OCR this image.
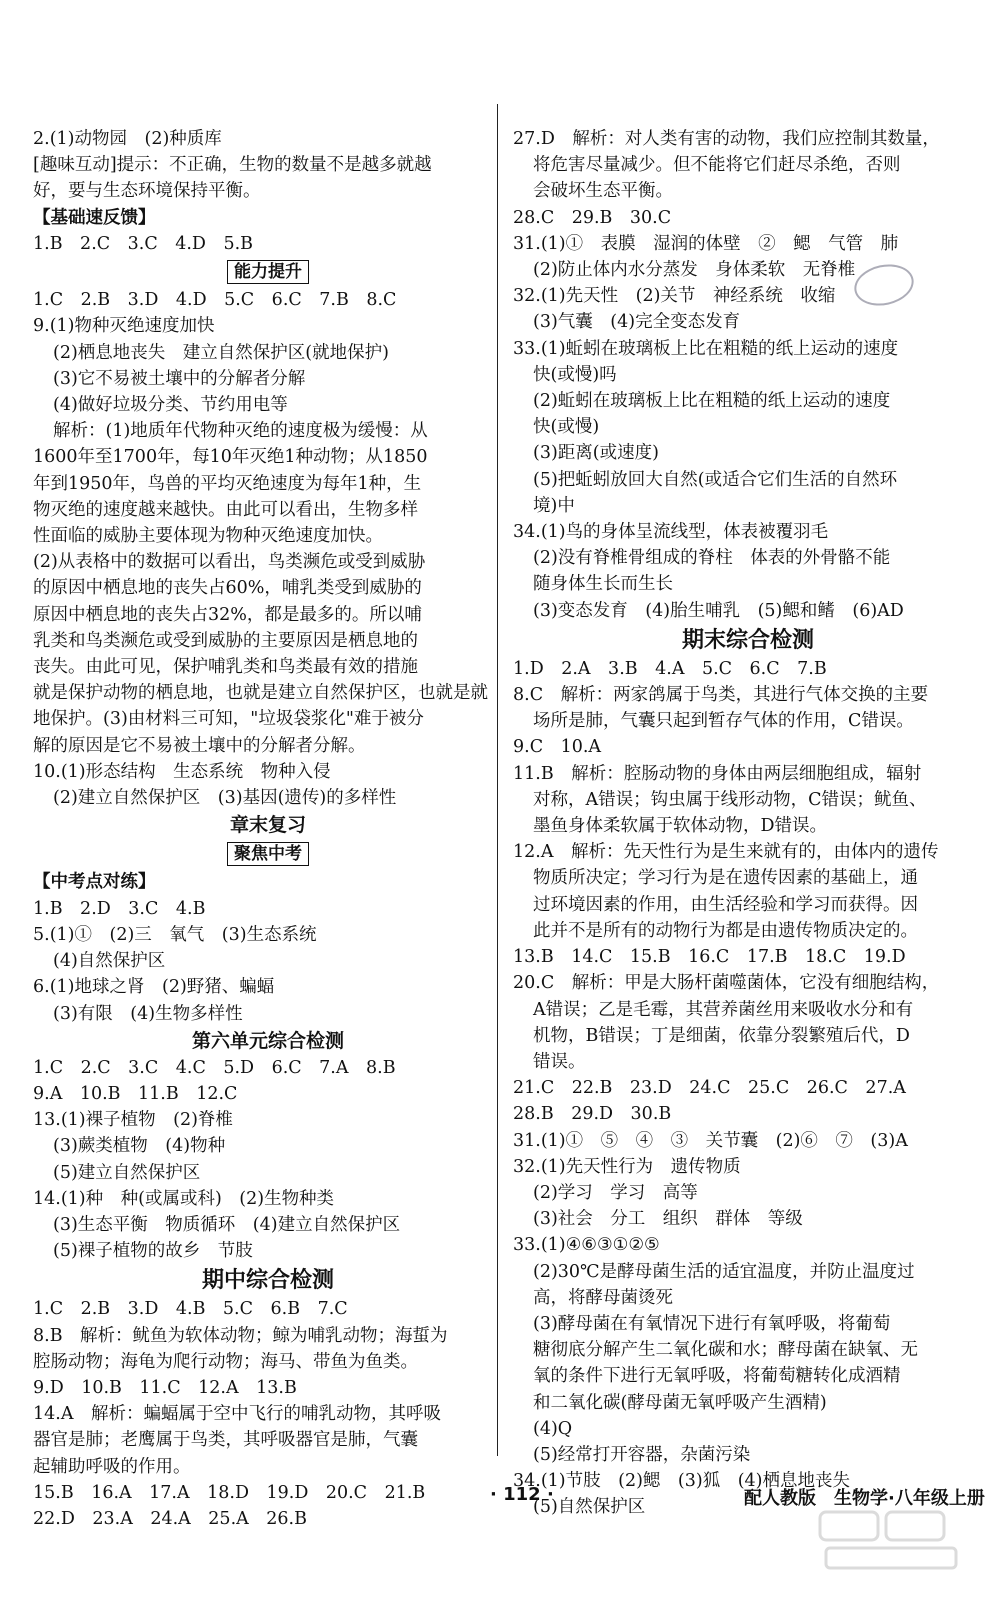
2.(1)动物园　(2)种质库
[趣味互动]提示：不正确，生物的数量不是越多就越
好，要与生态环境保持平衡。
【基础速反馈】
1.B　2.C　3.C　4.D　5.B
能力提升
1.C　2.B　3.D　4.D　5.C　6.C　7.B　8.C
9.(1)物种灭绝速度加快
(2)栖息地丧失　建立自然保护区(就地保护)
(3)它不易被土壤中的分解者分解
(4)做好垃圾分类、节约用电等
解析：(1)地质年代物种灭绝的速度极为缓慢：从
1600年至1700年，每10年灭绝1种动物；从1850
年到1950年，鸟兽的平均灭绝速度为每年1种，生
物灭绝的速度越来越快。由此可以看出，生物多样
性面临的威胁主要体现为物种灭绝速度加快。
(2)从表格中的数据可以看出，鸟类濒危或受到威胁
的原因中栖息地的丧失占60%，哺乳类受到威胁的
原因中栖息地的丧失占32%，都是最多的。所以哺
乳类和鸟类濒危或受到威胁的主要原因是栖息地的
丧失。由此可见，保护哺乳类和鸟类最有效的措施
就是保护动物的栖息地，也就是建立自然保护区，也就是就
地保护。(3)由材料三可知，"垃圾袋浆化"难于被分
解的原因是它不易被土壤中的分解者分解。
10.(1)形态结构　生态系统　物种入侵
(2)建立自然保护区　(3)基因(遗传)的多样性
章末复习
聚焦中考
【中考点对练】
1.B　2.D　3.C　4.B
5.(1)①　(2)三　氧气　(3)生态系统
(4)自然保护区
6.(1)地球之肾　(2)野猪、蝙蝠
(3)有限　(4)生物多样性
第六单元综合检测
1.C　2.C　3.C　4.C　5.D　6.C　7.A　8.B
9.A　10.B　11.B　12.C
13.(1)裸子植物　(2)脊椎
(3)蕨类植物　(4)物种
(5)建立自然保护区
14.(1)种　种(或属或科)　(2)生物种类
(3)生态平衡　物质循环　(4)建立自然保护区
(5)裸子植物的故乡　节肢
期中综合检测
1.C　2.B　3.D　4.B　5.C　6.B　7.C
8.B　解析：鱿鱼为软体动物；鲸为哺乳动物；海蜇为
腔肠动物；海龟为爬行动物；海马、带鱼为鱼类。
9.D　10.B　11.C　12.A　13.B
14.A　解析：蝙蝠属于空中飞行的哺乳动物，其呼吸
器官是肺；老鹰属于鸟类，其呼吸器官是肺，气囊
起辅助呼吸的作用。
15.B　16.A　17.A　18.D　19.D　20.C　21.B
22.D　23.A　24.A　25.A　26.B
27.D　解析：对人类有害的动物，我们应控制其数量，
将危害尽量减少。但不能将它们赶尽杀绝，否则
会破坏生态平衡。
28.C　29.B　30.C
31.(1)①　表膜　湿润的体壁　②　鳃　气管　肺
(2)防止体内水分蒸发　身体柔软　无脊椎
32.(1)先天性　(2)关节　神经系统　收缩
(3)气囊　(4)完全变态发育
33.(1)蚯蚓在玻璃板上比在粗糙的纸上运动的速度
快(或慢)吗
(2)蚯蚓在玻璃板上比在粗糙的纸上运动的速度
快(或慢)
(3)距离(或速度)
(5)把蚯蚓放回大自然(或适合它们生活的自然环
境)中
34.(1)鸟的身体呈流线型，体表被覆羽毛
(2)没有脊椎骨组成的脊柱　体表的外骨骼不能
随身体生长而生长
(3)变态发育　(4)胎生哺乳　(5)鳃和鳍　(6)AD
期末综合检测
1.D　2.A　3.B　4.A　5.C　6.C　7.B
8.C　解析：两家鸽属于鸟类，其进行气体交换的主要
场所是肺，气囊只起到暂存气体的作用，C错误。
9.C　10.A
11.B　解析：腔肠动物的身体由两层细胞组成，辐射
对称，A错误；钩虫属于线形动物，C错误；鱿鱼、
墨鱼身体柔软属于软体动物，D错误。
12.A　解析：先天性行为是生来就有的，由体内的遗传
物质所决定；学习行为是在遗传因素的基础上，通
过环境因素的作用，由生活经验和学习而获得。因
此并不是所有的动物行为都是由遗传物质决定的。
13.B　14.C　15.B　16.C　17.B　18.C　19.D
20.C　解析：甲是大肠杆菌噬菌体，它没有细胞结构，
A错误；乙是毛霉，其营养菌丝用来吸收水分和有
机物，B错误；丁是细菌，依靠分裂繁殖后代，D
错误。
21.C　22.B　23.D　24.C　25.C　26.C　27.A
28.B　29.D　30.B
31.(1)①　⑤　④　③　关节囊　(2)⑥　⑦　(3)A
32.(1)先天性行为　遗传物质
(2)学习　学习　高等
(3)社会　分工　组织　群体　等级
33.(1)④⑥③①②⑤
(2)30℃是酵母菌生活的适宜温度，并防止温度过
高，将酵母菌烫死
(3)酵母菌在有氧情况下进行有氧呼吸，将葡萄
糖彻底分解产生二氧化碳和水；酵母菌在缺氧、无
氧的条件下进行无氧呼吸，将葡萄糖转化成酒精
和二氧化碳(酵母菌无氧呼吸产生酒精)
(4)Q
(5)经常打开容器，杂菌污染
34.(1)节肢　(2)鳃　(3)狐　(4)栖息地丧失
(5)自然保护区
· 112 ·	配人教版　生物学·八年级上册
